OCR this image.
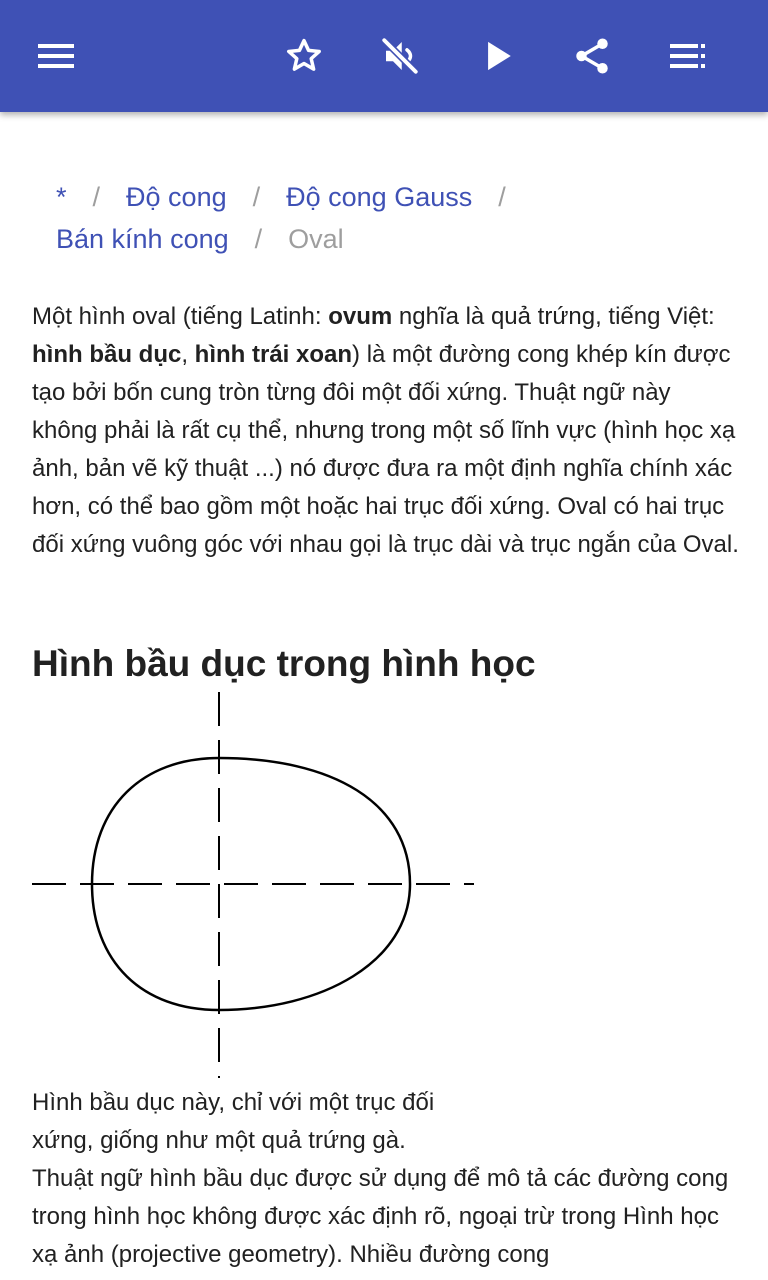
* / Độ cong / Độ cong Gauss /
Bán kính cong / Oval

Một hình oval (tiếng Latinh: ovum nghĩa là quả trứng, tiếng Việt: hình bầu dục, hình trái xoan) là một đường cong khép kín được tạo bởi bốn cung tròn từng đôi một đối xứng. Thuật ngữ này không phải là rất cụ thể, nhưng trong một số lĩnh vực (hình học xạ ảnh, bản vẽ kỹ thuật ...) nó được đưa ra một định nghĩa chính xác hơn, có thể bao gồm một hoặc hai trục đối xứng. Oval có hai trục đối xứng vuông góc với nhau gọi là trục dài và trục ngắn của Oval.

Hình bầu dục trong hình học

Hình bầu dục này, chỉ với một trục đối xứng, giống như một quả trứng gà.

Thuật ngữ hình bầu dục được sử dụng để mô tả các đường cong trong hình học không được xác định rõ, ngoại trừ trong Hình học xạ ảnh (projective geometry). Nhiều đường cong
